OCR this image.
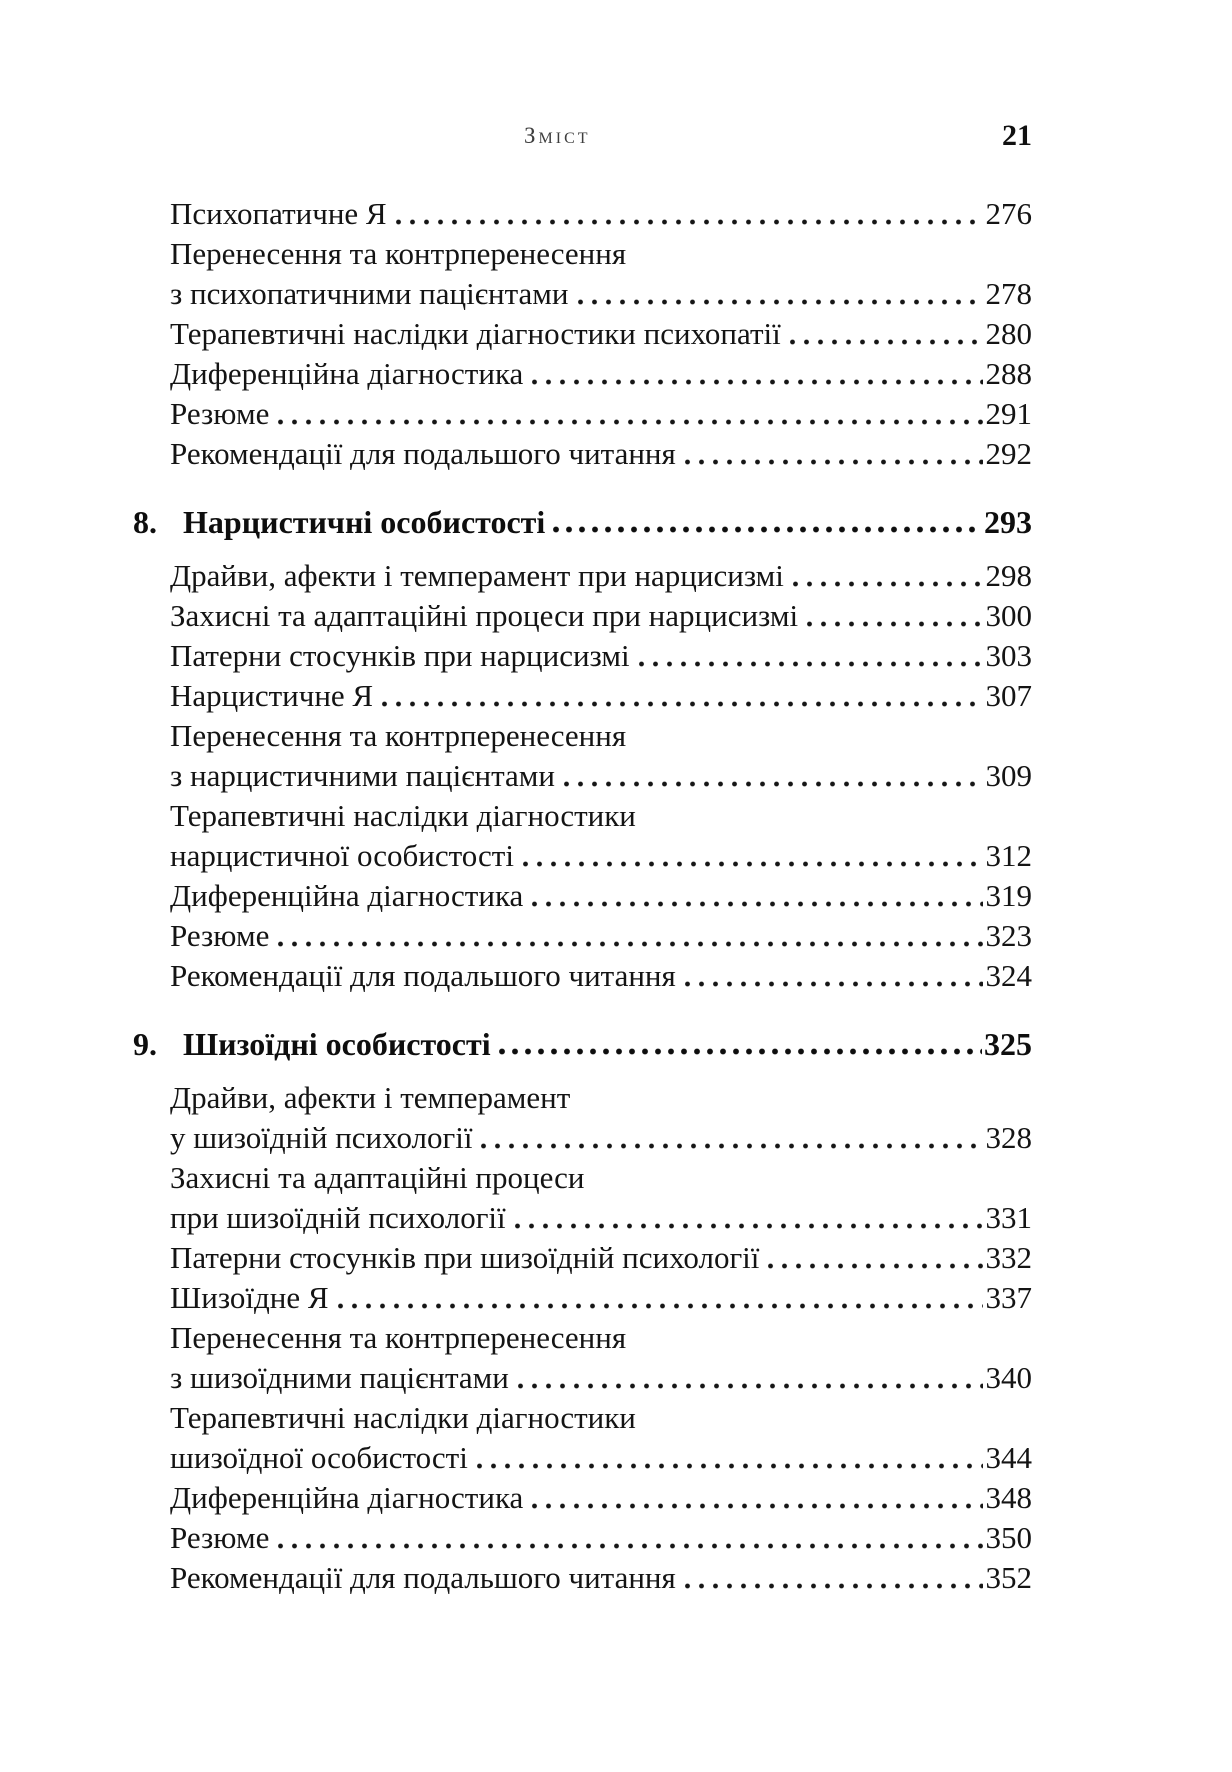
Зміст	21
Психопатичне Я	276
Перенесення та контрперенесення
з психопатичними пацієнтами	278
Терапевтичні наслідки діагностики психопатії	280
Диференційна діагностика	288
Резюме	291
Рекомендації для подальшого читання	292
8. Нарцистичні особистості	293
Драйви, афекти і темперамент при нарцисизмі	298
Захисні та адаптаційні процеси при нарцисизмі	300
Патерни стосунків при нарцисизмі	303
Нарцистичне Я	307
Перенесення та контрперенесення
з нарцистичними пацієнтами	309
Терапевтичні наслідки діагностики
нарцистичної особистості	312
Диференційна діагностика	319
Резюме	323
Рекомендації для подальшого читання	324
9. Шизоїдні особистості	325
Драйви, афекти і темперамент
у шизоїдній психології	328
Захисні та адаптаційні процеси
при шизоїдній психології	331
Патерни стосунків при шизоїдній психології	332
Шизоїдне Я	337
Перенесення та контрперенесення
з шизоїдними пацієнтами	340
Терапевтичні наслідки діагностики
шизоїдної особистості	344
Диференційна діагностика	348
Резюме	350
Рекомендації для подальшого читання	352
